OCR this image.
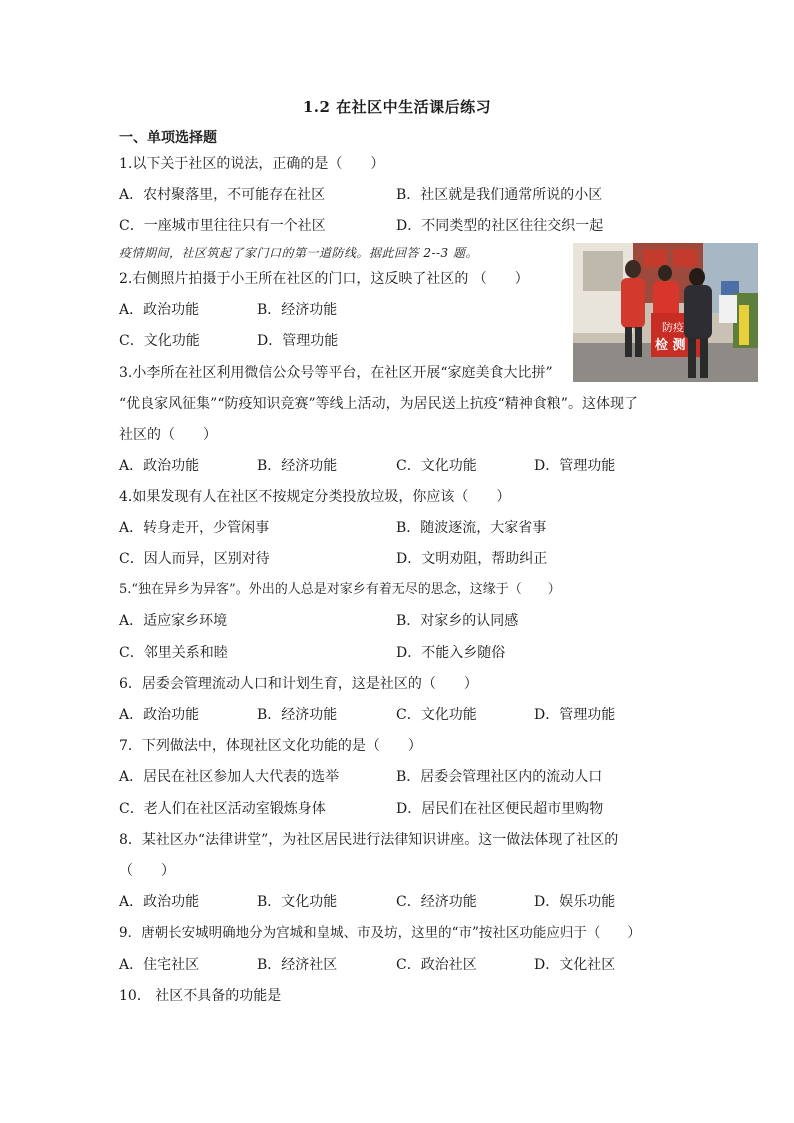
1.2 在社区中生活课后练习
一、单项选择题
1.以下关于社区的说法，正确的是（　　）
A．农村聚落里，不可能存在社区	B．社区就是我们通常所说的小区
C．一座城市里往往只有一个社区	D．不同类型的社区往往交织一起
疫情期间，社区筑起了家门口的第一道防线。据此回答 2--3 题。
防疫
检 测
2.右侧照片拍摄于小王所在社区的门口，这反映了社区的 （　　）
A．政治功能	B．经济功能
C．文化功能	D．管理功能
3.小李所在社区利用微信公众号等平台，在社区开展“家庭美食大比拼”
“优良家风征集”“防疫知识竞赛”等线上活动，为居民送上抗疫“精神食粮”。这体现了
社区的（　　）
A．政治功能	B．经济功能	C．文化功能	D．管理功能
4.如果发现有人在社区不按规定分类投放垃圾，你应该（　　）
A．转身走开，少管闲事	B．随波逐流，大家省事
C．因人而异，区别对待	D．文明劝阻，帮助纠正
5.“独在异乡为异客”。外出的人总是对家乡有着无尽的思念，这缘于（　　）
A．适应家乡环境	B．对家乡的认同感
C．邻里关系和睦	D．不能入乡随俗
6．居委会管理流动人口和计划生育，这是社区的（　　）
A．政治功能	B．经济功能	C．文化功能	D．管理功能
7．下列做法中，体现社区文化功能的是（　　）
A．居民在社区参加人大代表的选举	B．居委会管理社区内的流动人口
C．老人们在社区活动室锻炼身体	D．居民们在社区便民超市里购物
8．某社区办“法律讲堂”，为社区居民进行法律知识讲座。这一做法体现了社区的
（　　）
A．政治功能	B．文化功能	C．经济功能	D．娱乐功能
9．唐朝长安城明确地分为宫城和皇城、市及坊，这里的“市”按社区功能应归于（　　）
A．住宅社区	B．经济社区	C．政治社区	D．文化社区
10． 社区不具备的功能是
